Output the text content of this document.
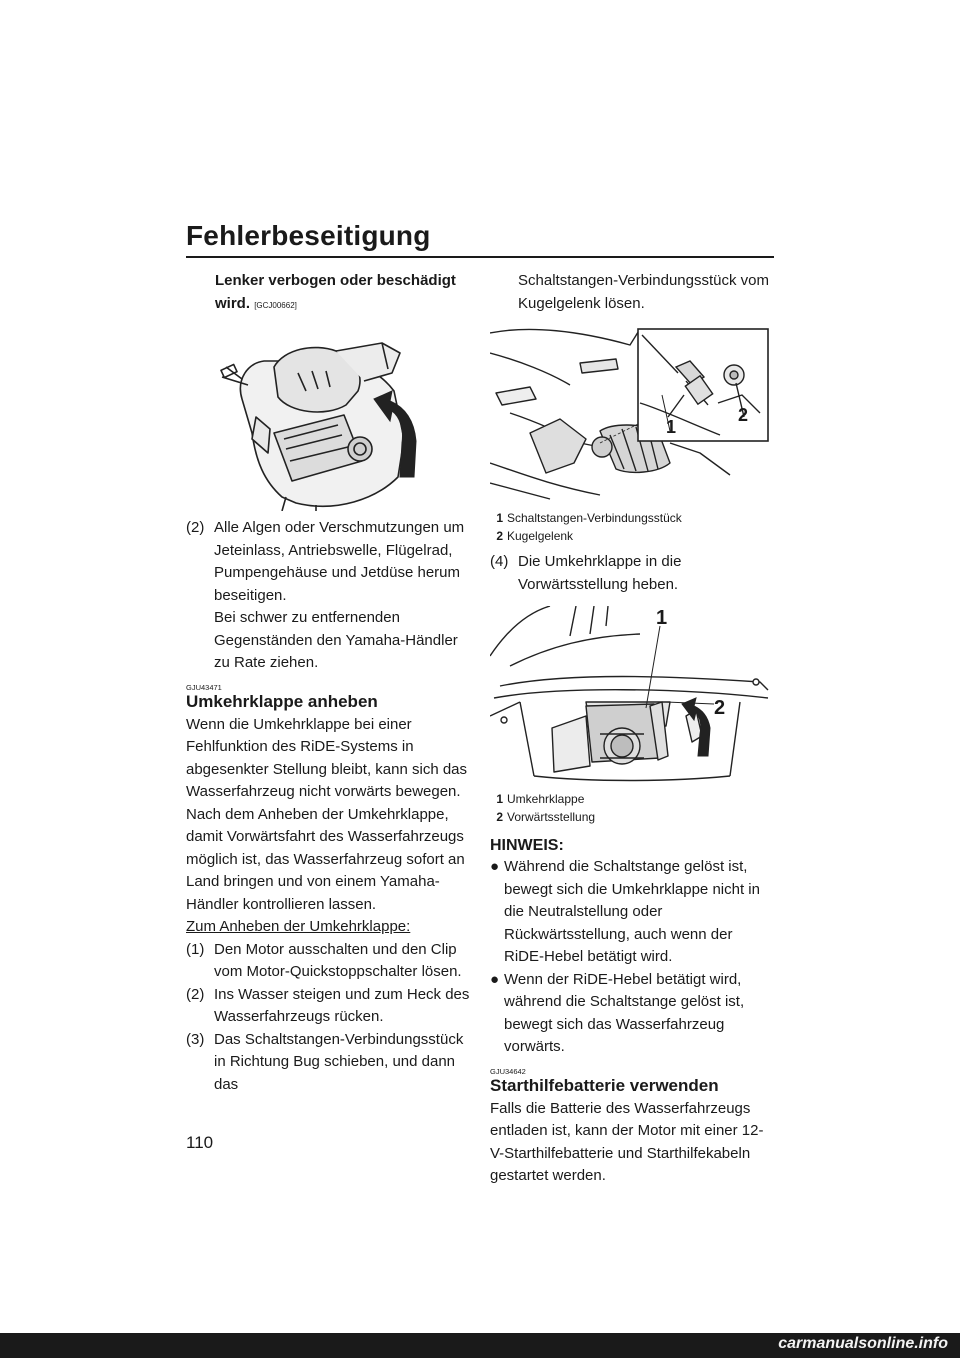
Fehlerbeseitigung
Lenker verbogen oder beschädigt wird. [GCJ00662]
(2) Alle Algen oder Verschmutzungen um Jeteinlass, Antriebswelle, Flügelrad, Pumpengehäuse und Jetdüse herum beseitigen.
Bei schwer zu entfernenden Gegenständen den Yamaha-Händler zu Rate ziehen.
GJU43471
Umkehrklappe anheben
Wenn die Umkehrklappe bei einer Fehlfunktion des RiDE-Systems in abgesenkter Stellung bleibt, kann sich das Wasserfahrzeug nicht vorwärts bewegen.
Nach dem Anheben der Umkehrklappe, damit Vorwärtsfahrt des Wasserfahrzeugs möglich ist, das Wasserfahrzeug sofort an Land bringen und von einem Yamaha-Händler kontrollieren lassen.
Zum Anheben der Umkehrklappe:
(1) Den Motor ausschalten und den Clip vom Motor-Quickstoppschalter lösen.
(2) Ins Wasser steigen und zum Heck des Wasserfahrzeugs rücken.
(3) Das Schaltstangen-Verbindungsstück in Richtung Bug schieben, und dann das
Schaltstangen-Verbindungsstück vom Kugelgelenk lösen.
1
2
1 Schaltstangen-Verbindungsstück
2 Kugelgelenk
(4) Die Umkehrklappe in die Vorwärtsstellung heben.
1
2
1 Umkehrklappe
2 Vorwärtsstellung
HINWEIS:
● Während die Schaltstange gelöst ist, bewegt sich die Umkehrklappe nicht in die Neutralstellung oder Rückwärtsstellung, auch wenn der RiDE-Hebel betätigt wird.
● Wenn der RiDE-Hebel betätigt wird, während die Schaltstange gelöst ist, bewegt sich das Wasserfahrzeug vorwärts.
GJU34642
Starthilfebatterie verwenden
Falls die Batterie des Wasserfahrzeugs entladen ist, kann der Motor mit einer 12-V-Starthilfebatterie und Starthilfekabeln gestartet werden.
110
carmanualsonline.info
